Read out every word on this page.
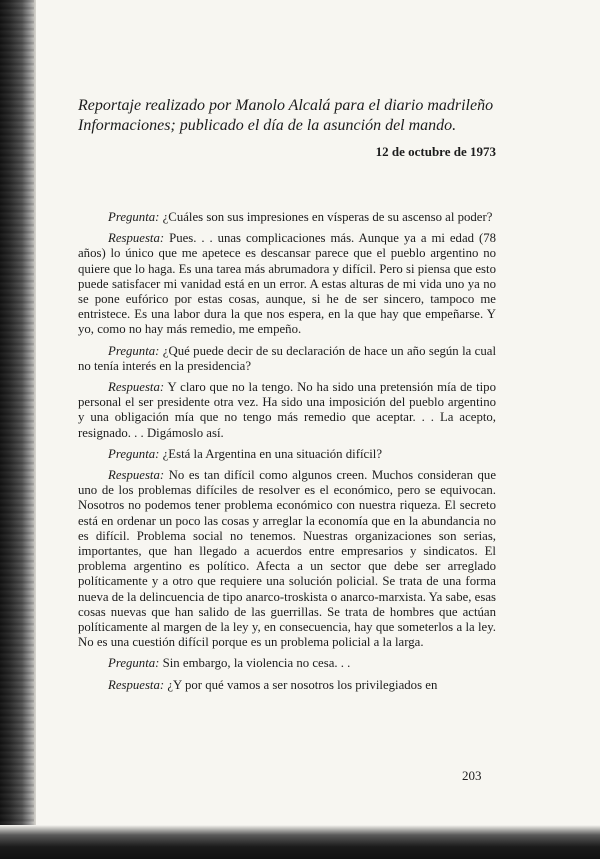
Reportaje realizado por Manolo Alcalá para el diario madrileño
Informaciones; publicado el día de la asunción del mando.

12 de octubre de 1973

Pregunta: ¿Cuáles son sus impresiones en vísperas de su ascenso al poder?

Respuesta: Pues. . . unas complicaciones más. Aunque ya a mi edad (78 años) lo único que me apetece es descansar parece que el pueblo argentino no quiere que lo haga. Es una tarea más abrumadora y difícil. Pero si piensa que esto puede satisfacer mi vanidad está en un error. A estas alturas de mi vida uno ya no se pone eufórico por estas cosas, aunque, si he de ser sincero, tampoco me entristece. Es una labor dura la que nos espera, en la que hay que empeñarse. Y yo, como no hay más remedio, me empeño.

Pregunta: ¿Qué puede decir de su declaración de hace un año según la cual no tenía interés en la presidencia?

Respuesta: Y claro que no la tengo. No ha sido una pretensión mía de tipo personal el ser presidente otra vez. Ha sido una imposición del pueblo argentino y una obligación mía que no tengo más remedio que aceptar. . . La acepto, resignado. . . Digámoslo así.

Pregunta: ¿Está la Argentina en una situación difícil?

Respuesta: No es tan difícil como algunos creen. Muchos consideran que uno de los problemas difíciles de resolver es el económico, pero se equivocan. Nosotros no podemos tener problema económico con nuestra riqueza. El secreto está en ordenar un poco las cosas y arreglar la economía que en la abundancia no es difícil. Problema social no tenemos. Nuestras organizaciones son serias, importantes, que han llegado a acuerdos entre empresarios y sindicatos. El problema argentino es político. Afecta a un sector que debe ser arreglado políticamente y a otro que requiere una solución policial. Se trata de una forma nueva de la delincuencia de tipo anarco-troskista o anarco-marxista. Ya sabe, esas cosas nuevas que han salido de las guerrillas. Se trata de hombres que actúan políticamente al margen de la ley y, en consecuencia, hay que someterlos a la ley. No es una cuestión difícil porque es un problema policial a la larga.

Pregunta: Sin embargo, la violencia no cesa. . .

Respuesta: ¿Y por qué vamos a ser nosotros los privilegiados en

203
